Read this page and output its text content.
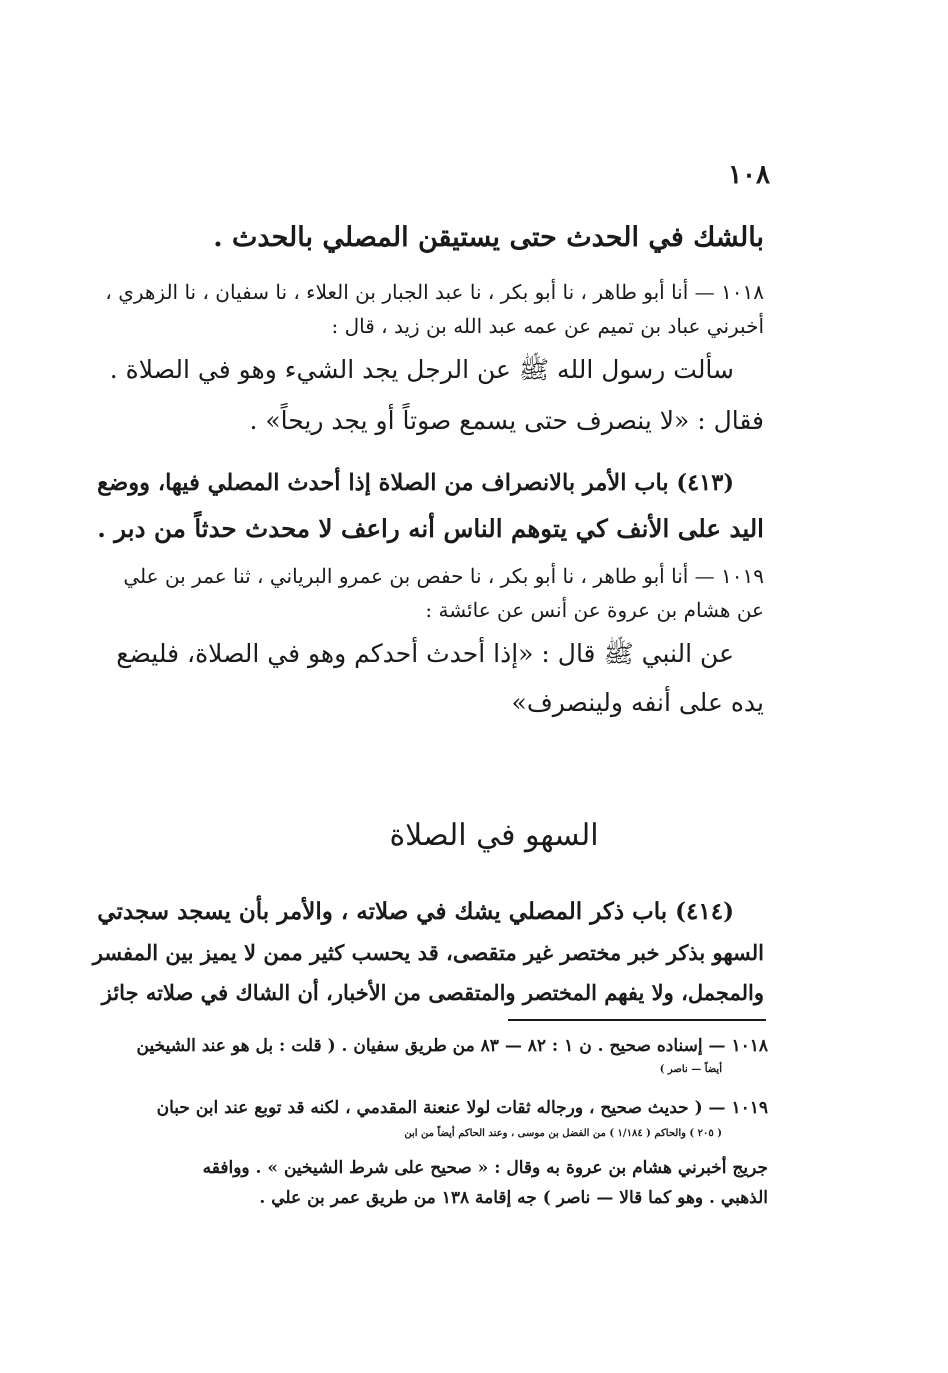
١٠٨
بالشك في الحدث حتى يستيقن المصلي بالحدث .
١٠١٨ — أنا أبو طاهر ، نا أبو بكر ، نا عبد الجبار بن العلاء ، نا سفيان ، نا الزهري ،
أخبرني عباد بن تميم عن عمه عبد الله بن زيد ، قال :
سألت رسول الله ﷺ عن الرجل يجد الشيء وهو في الصلاة .
فقال : «لا ينصرف حتى يسمع صوتاً أو يجد ريحاً» .
(٤١٣) باب الأمر بالانصراف من الصلاة إذا أحدث المصلي فيها، ووضع
اليد على الأنف كي يتوهم الناس أنه راعف لا محدث حدثاً من دبر .
١٠١٩ — أنا أبو طاهر ، نا أبو بكر ، نا حفص بن عمرو البرياني ، ثنا عمر بن علي
عن هشام بن عروة عن أنس عن عائشة :
عن النبي ﷺ قال : «إذا أحدث أحدكم وهو في الصلاة، فليضع
يده على أنفه ولينصرف»
السهو في الصلاة
(٤١٤) باب ذكر المصلي يشك في صلاته ، والأمر بأن يسجد سجدتي
السهو بذكر خبر مختصر غير متقصى، قد يحسب كثير ممن لا يميز بين المفسر
والمجمل، ولا يفهم المختصر والمتقصى من الأخبار، أن الشاك في صلاته جائز
١٠١٨ — إسناده صحيح . ن ١ : ٨٢ — ٨٣ من طريق سفيان . ( قلت : بل هو عند الشيخين
أيضاً — ناصر )
١٠١٩ — ( حديث صحيح ، ورجاله ثقات لولا عنعنة المقدمي ، لكنه قد توبع عند ابن حبان
( ٢٠٥ ) والحاكم ( ١/١٨٤ ) من الفضل بن موسى ، وعند الحاكم أيضاً من ابن
جريج أخبرني هشام بن عروة به وقال : « صحيح على شرط الشيخين » . ووافقه
الذهبي . وهو كما قالا — ناصر ) جه إقامة ١٣٨ من طريق عمر بن علي .
